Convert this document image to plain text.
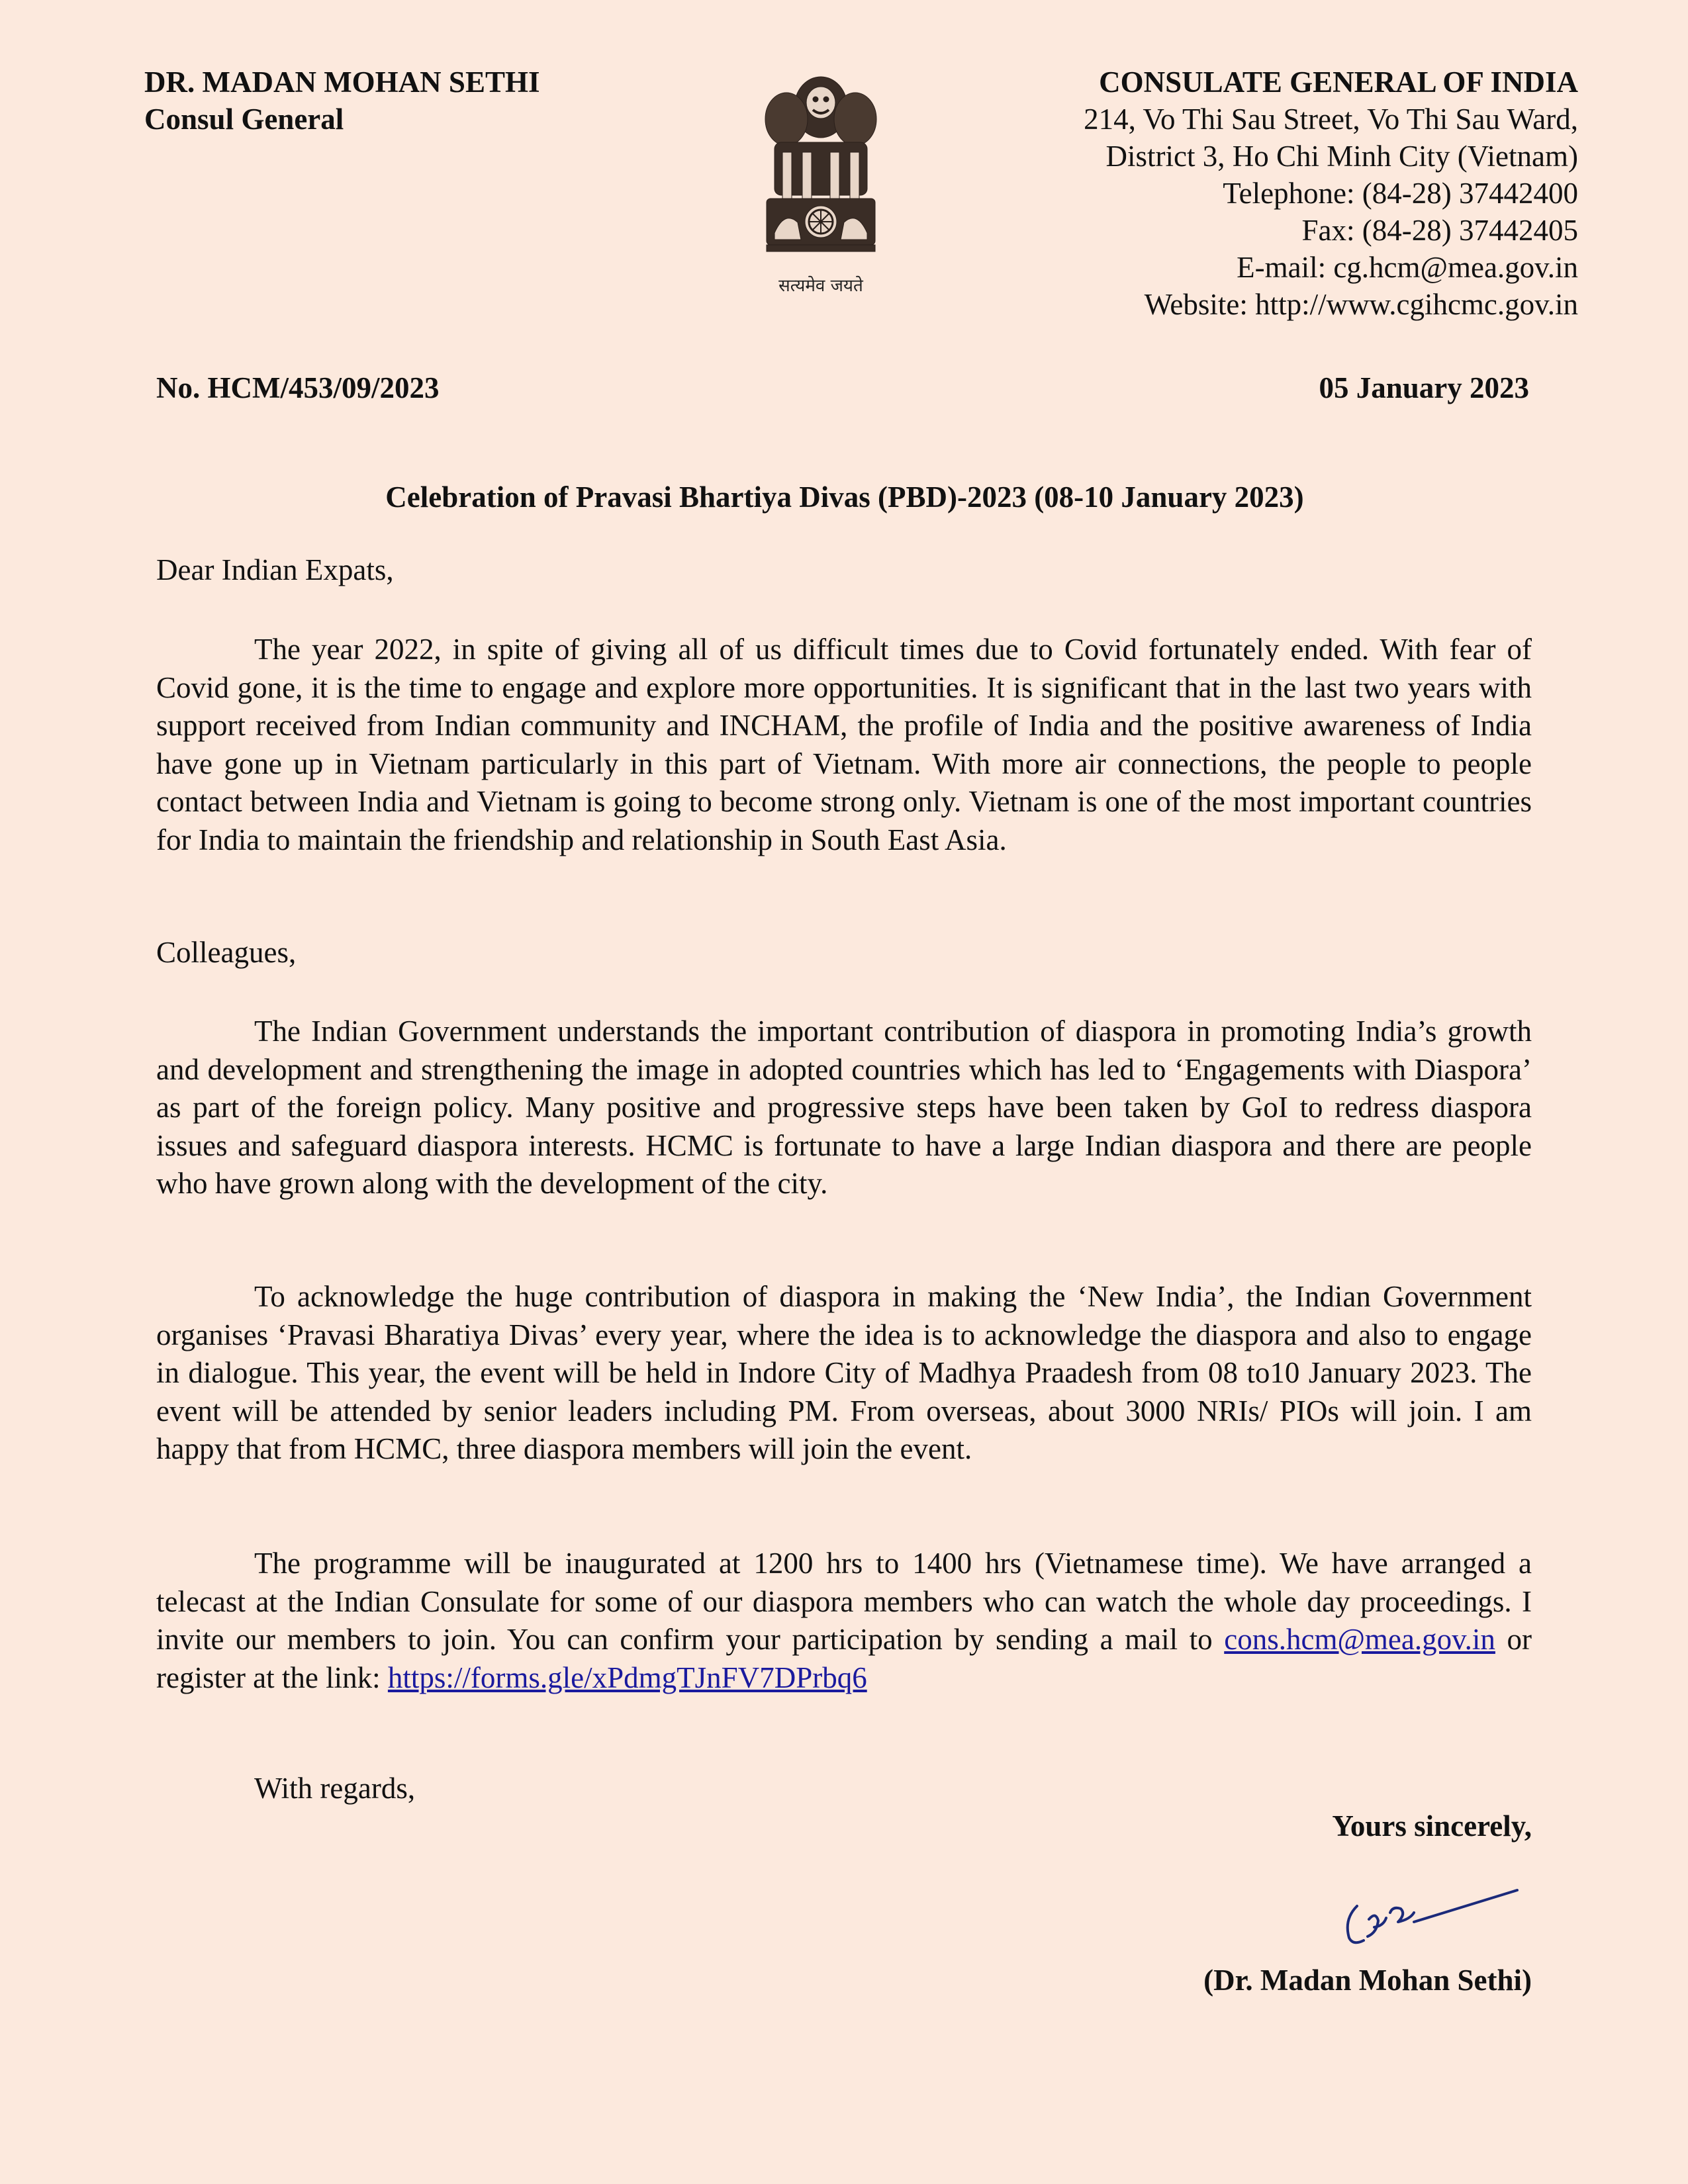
DR. MADAN MOHAN SETHI
Consul General
सत्यमेव जयते
CONSULATE GENERAL OF INDIA
214, Vo Thi Sau Street, Vo Thi Sau Ward,
District 3, Ho Chi Minh City (Vietnam)
Telephone: (84-28) 37442400
Fax: (84-28) 37442405
E-mail: cg.hcm@mea.gov.in
Website: http://www.cgihcmc.gov.in
No. HCM/453/09/2023	05 January 2023
Celebration of Pravasi Bhartiya Divas (PBD)-2023 (08-10 January 2023)
Dear Indian Expats,

The year 2022, in spite of giving all of us difficult times due to Covid fortunately ended. With fear of Covid gone, it is the time to engage and explore more opportunities. It is significant that in the last two years with support received from Indian community and INCHAM, the profile of India and the positive awareness of India have gone up in Vietnam particularly in this part of Vietnam. With more air connections, the people to people contact between India and Vietnam is going to become strong only. Vietnam is one of the most important countries for India to maintain the friendship and relationship in South East Asia.

Colleagues,

The Indian Government understands the important contribution of diaspora in promoting India’s growth and development and strengthening the image in adopted countries which has led to ‘Engagements with Diaspora’ as part of the foreign policy. Many positive and progressive steps have been taken by GoI to redress diaspora issues and safeguard diaspora interests. HCMC is fortunate to have a large Indian diaspora and there are people who have grown along with the development of the city.

To acknowledge the huge contribution of diaspora in making the ‘New India’, the Indian Government organises ‘Pravasi Bharatiya Divas’ every year, where the idea is to acknowledge the diaspora and also to engage in dialogue. This year, the event will be held in Indore City of Madhya Praadesh from 08 to10 January 2023. The event will be attended by senior leaders including PM. From overseas, about 3000 NRIs/ PIOs will join. I am happy that from HCMC, three diaspora members will join the event.

The programme will be inaugurated at 1200 hrs to 1400 hrs (Vietnamese time). We have arranged a telecast at the Indian Consulate for some of our diaspora members who can watch the whole day proceedings. I invite our members to join. You can confirm your participation by sending a mail to cons.hcm@mea.gov.in or register at the link: https://forms.gle/xPdmgTJnFV7DPrbq6

With regards,
Yours sincerely,
(Dr. Madan Mohan Sethi)
